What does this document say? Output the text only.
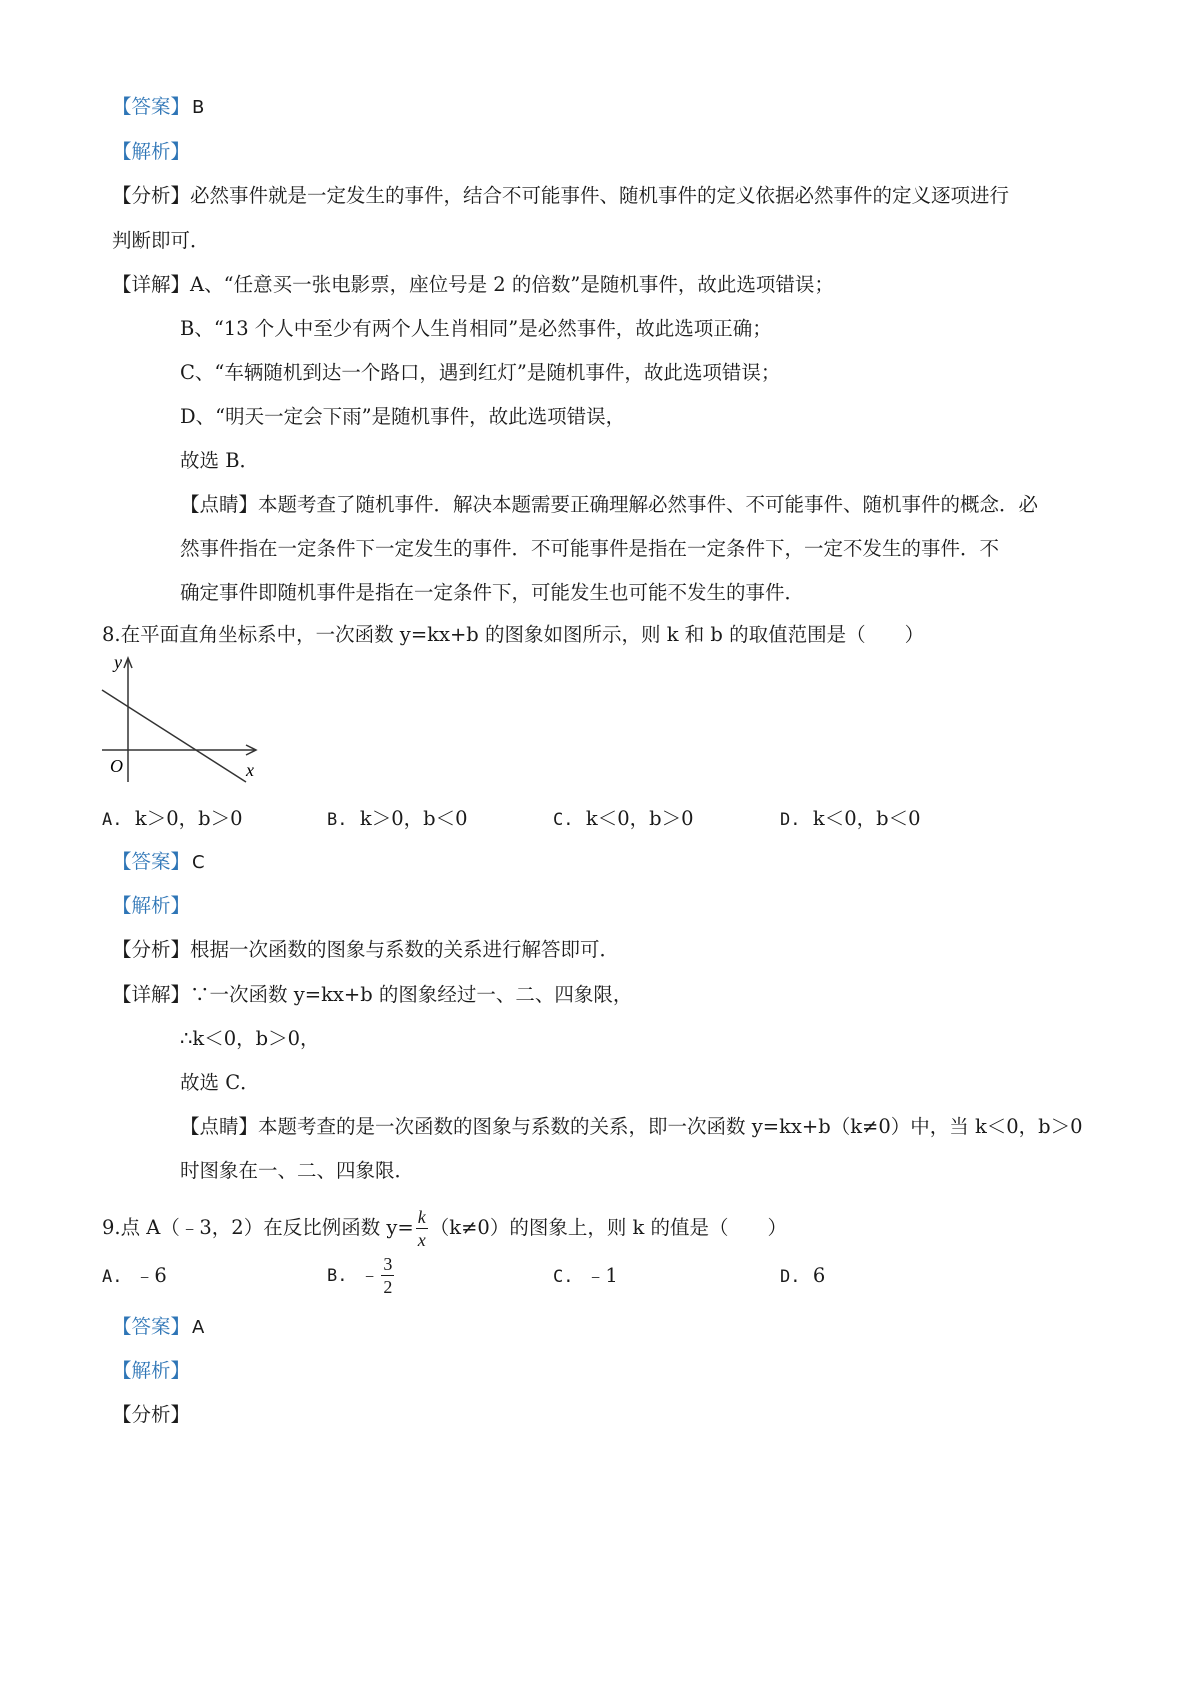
【答案】 B
【解析】
【分析】必然事件就是一定发生的事件，结合不可能事件、随机事件的定义依据必然事件的定义逐项进行
判断即可．
【详解】A、“任意买一张电影票，座位号是 2 的倍数”是随机事件，故此选项错误；
B、“13 个人中至少有两个人生肖相同”是必然事件，故此选项正确；
C、“车辆随机到达一个路口，遇到红灯”是随机事件，故此选项错误；
D、“明天一定会下雨”是随机事件，故此选项错误，
故选 B．
【点睛】本题考查了随机事件．解决本题需要正确理解必然事件、不可能事件、随机事件的概念．必
然事件指在一定条件下一定发生的事件．不可能事件是指在一定条件下，一定不发生的事件．不
确定事件即随机事件是指在一定条件下，可能发生也可能不发生的事件．
8.在平面直角坐标系中，一次函数 y=kx+b 的图象如图所示，则 k 和 b 的取值范围是（　　）
y
x
O
A. k＞0，b＞0	B. k＞0，b＜0	C. k＜0，b＞0	D. k＜0，b＜0
【答案】 C
【解析】
【分析】根据一次函数的图象与系数的关系进行解答即可．
【详解】∵一次函数 y=kx+b 的图象经过一、二、四象限，
∴k＜0，b＞0，
故选 C．
【点睛】本题考查的是一次函数的图象与系数的关系，即一次函数 y=kx+b（k≠0）中，当 k＜0，b＞0
时图象在一、二、四象限．
9.点 A（﹣3，2）在反比例函数 $y= \frac{k}{x} (k\ne 0)$的图象上，则 k 的值是（　　）
A. ﹣6	B. ﹣ $\frac{3}{2}$	C. ﹣1	D. 6
【答案】 A
【解析】
【分析】
